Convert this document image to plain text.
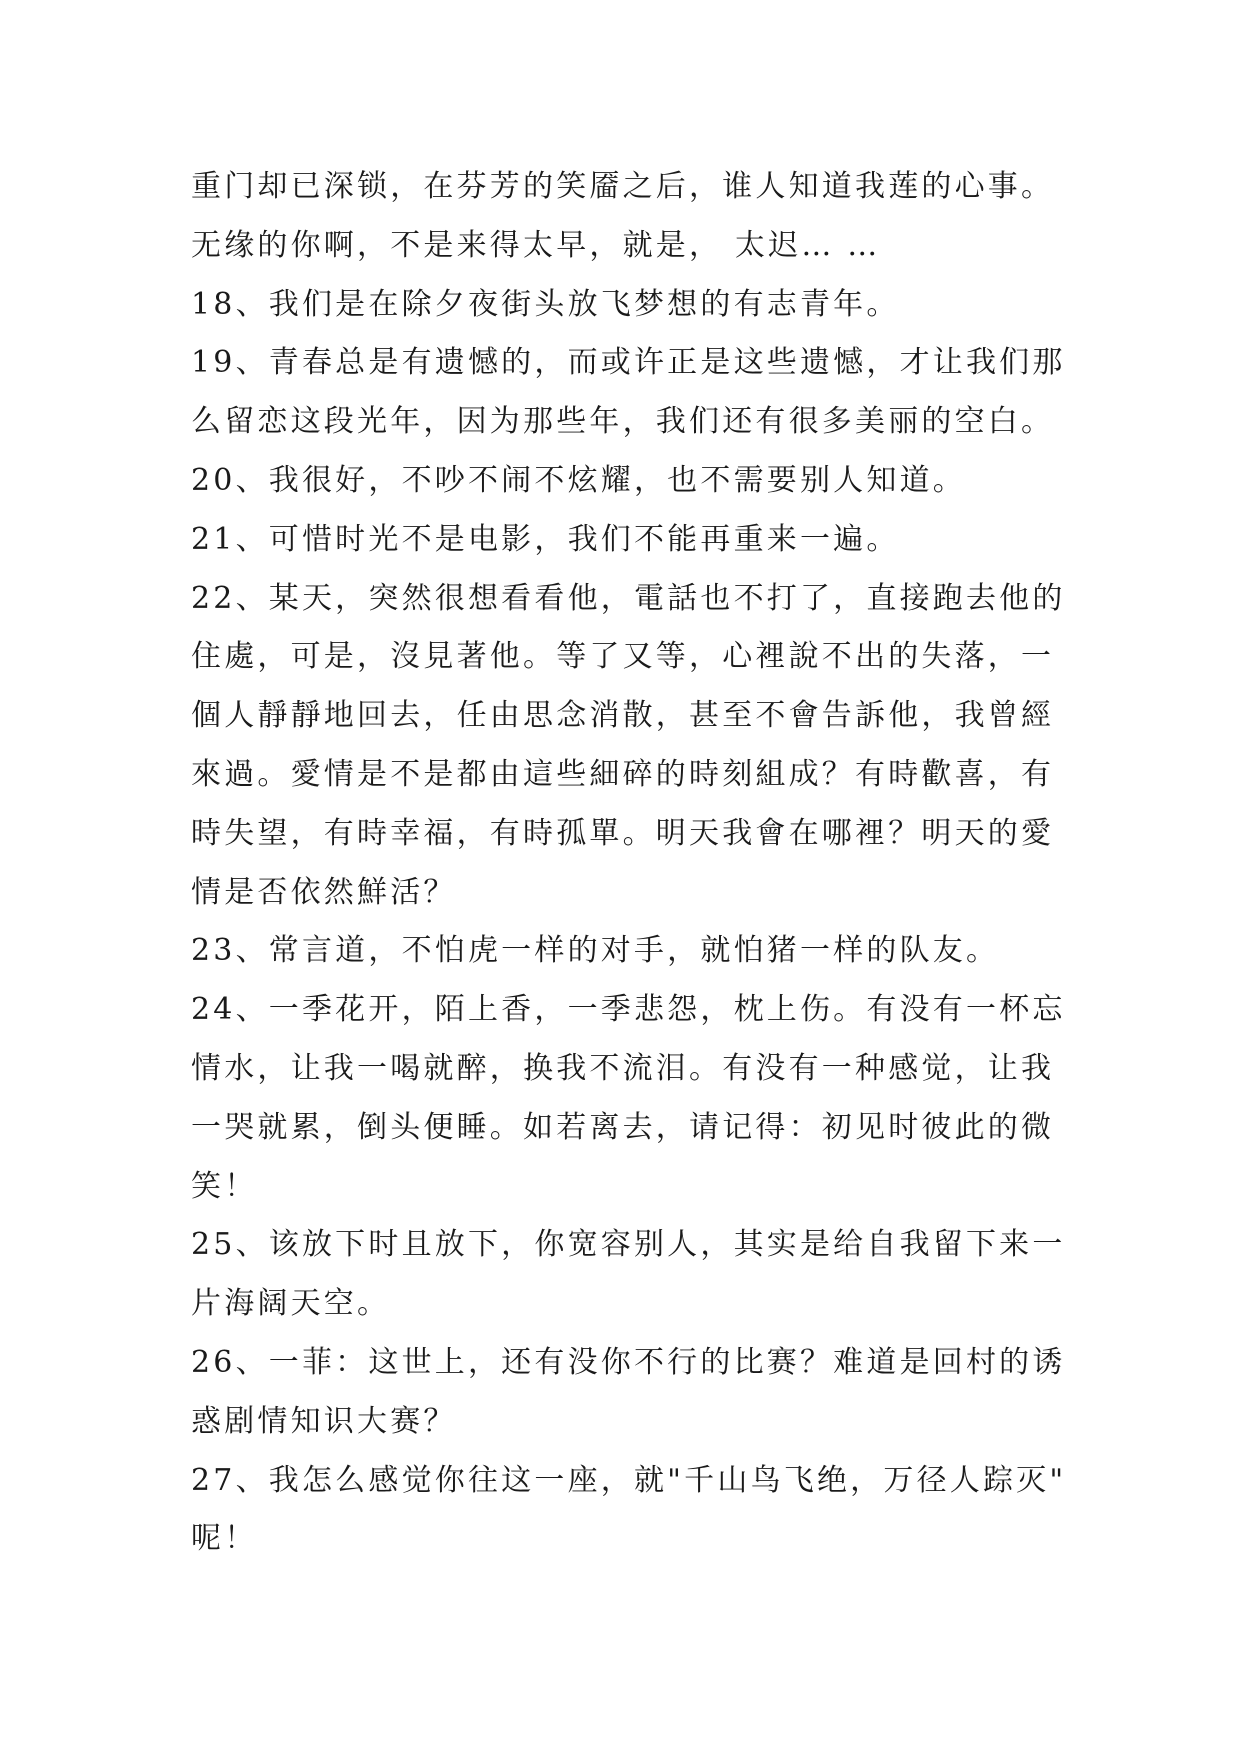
重门却已深锁，在芬芳的笑靥之后，谁人知道我莲的心事。
无缘的你啊，不是来得太早，就是， 太迟… …
18、我们是在除夕夜街头放飞梦想的有志青年。
19、青春总是有遗憾的，而或许正是这些遗憾，才让我们那
么留恋这段光年，因为那些年，我们还有很多美丽的空白。
20、我很好，不吵不闹不炫耀，也不需要别人知道。
21、可惜时光不是电影，我们不能再重来一遍。
22、某天，突然很想看看他，電話也不打了，直接跑去他的
住處，可是，沒見著他。等了又等，心裡說不出的失落，一
個人靜靜地回去，任由思念消散，甚至不會告訴他，我曾經
來過。愛情是不是都由這些細碎的時刻組成？有時歡喜，有
時失望，有時幸福，有時孤單。明天我會在哪裡？明天的愛
情是否依然鮮活？
23、常言道，不怕虎一样的对手，就怕猪一样的队友。
24、一季花开，陌上香，一季悲怨，枕上伤。有没有一杯忘
情水，让我一喝就醉，换我不流泪。有没有一种感觉，让我
一哭就累，倒头便睡。如若离去，请记得：初见时彼此的微
笑！
25、该放下时且放下，你宽容别人，其实是给自我留下来一
片海阔天空。
26、一菲：这世上，还有没你不行的比赛？难道是回村的诱
惑剧情知识大赛？
27、我怎么感觉你往这一座，就"千山鸟飞绝，万径人踪灭"
呢！
